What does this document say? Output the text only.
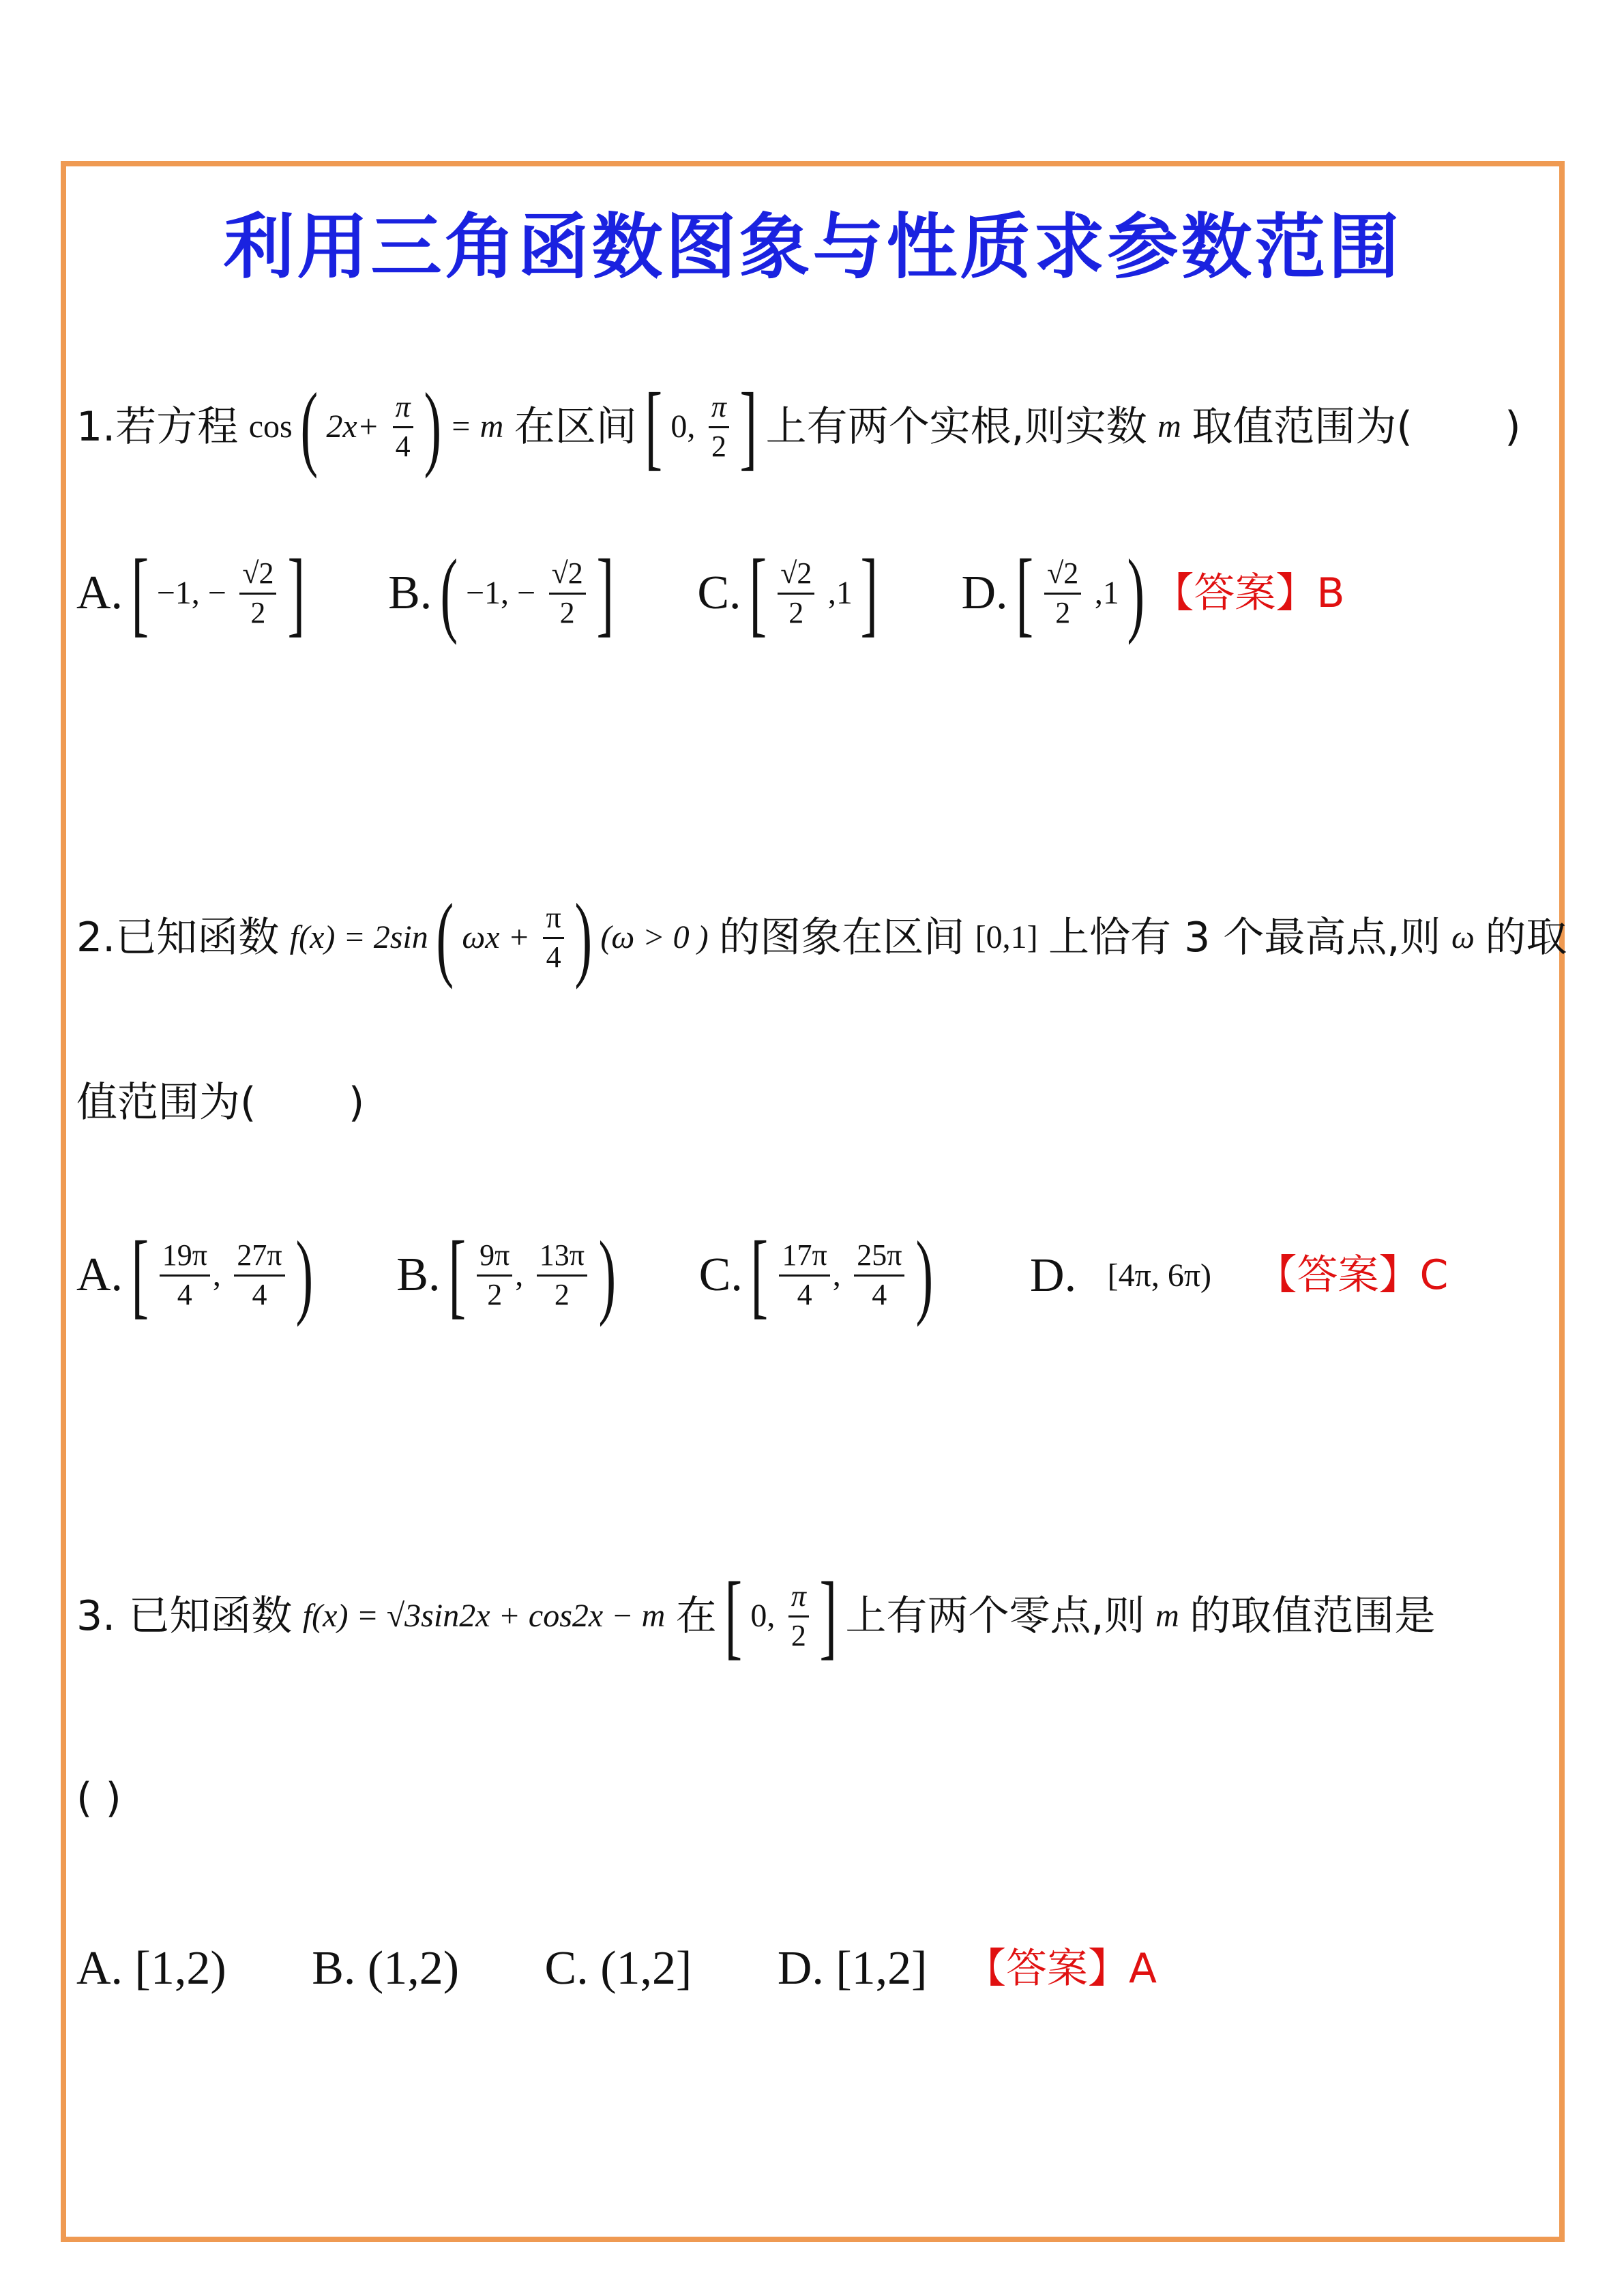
利用三角函数图象与性质求参数范围
1.若方程 cos ( $2x+ \frac{\pi}{4}$ ) = m 在区间 [ 0, $\frac{\pi}{2}$ ] 上有两个实根,则实数 m 取值范围为( )
A. [ −1, − $\frac{√2}{2}$ ] B. ( −1, − $\frac{√2}{2}$ ] C. [ $\frac{√2}{2} ,1$ ] D. [ $\frac{√2}{2} ,1$ ) 【答案】B
2.已知函数 f(x) = 2sin ( $\omega x + \frac{\pi}{4}$ ) (ω > 0 ) 的图象在区间 [0,1] 上恰有 3 个最高点,则 ω 的取
值范围为( )
A. [ $\frac{19\pi}{4}$ , $\frac{27\pi}{4}$ ) B. [ $\frac{9\pi}{2}$ , $\frac{13\pi}{2}$ ) C. [ $\frac{17\pi}{4}$ , $\frac{25\pi}{4}$ ) D. [4π, 6π) 【答案】C
3. 已知函数 f(x) = √3sin2x + cos2x − m 在 [ 0, $\frac{\pi}{2}$ ] 上有两个零点,则 m 的取值范围是
( )
A. [1,2) B. (1,2) C. (1,2] D. [1,2] 【答案】A
